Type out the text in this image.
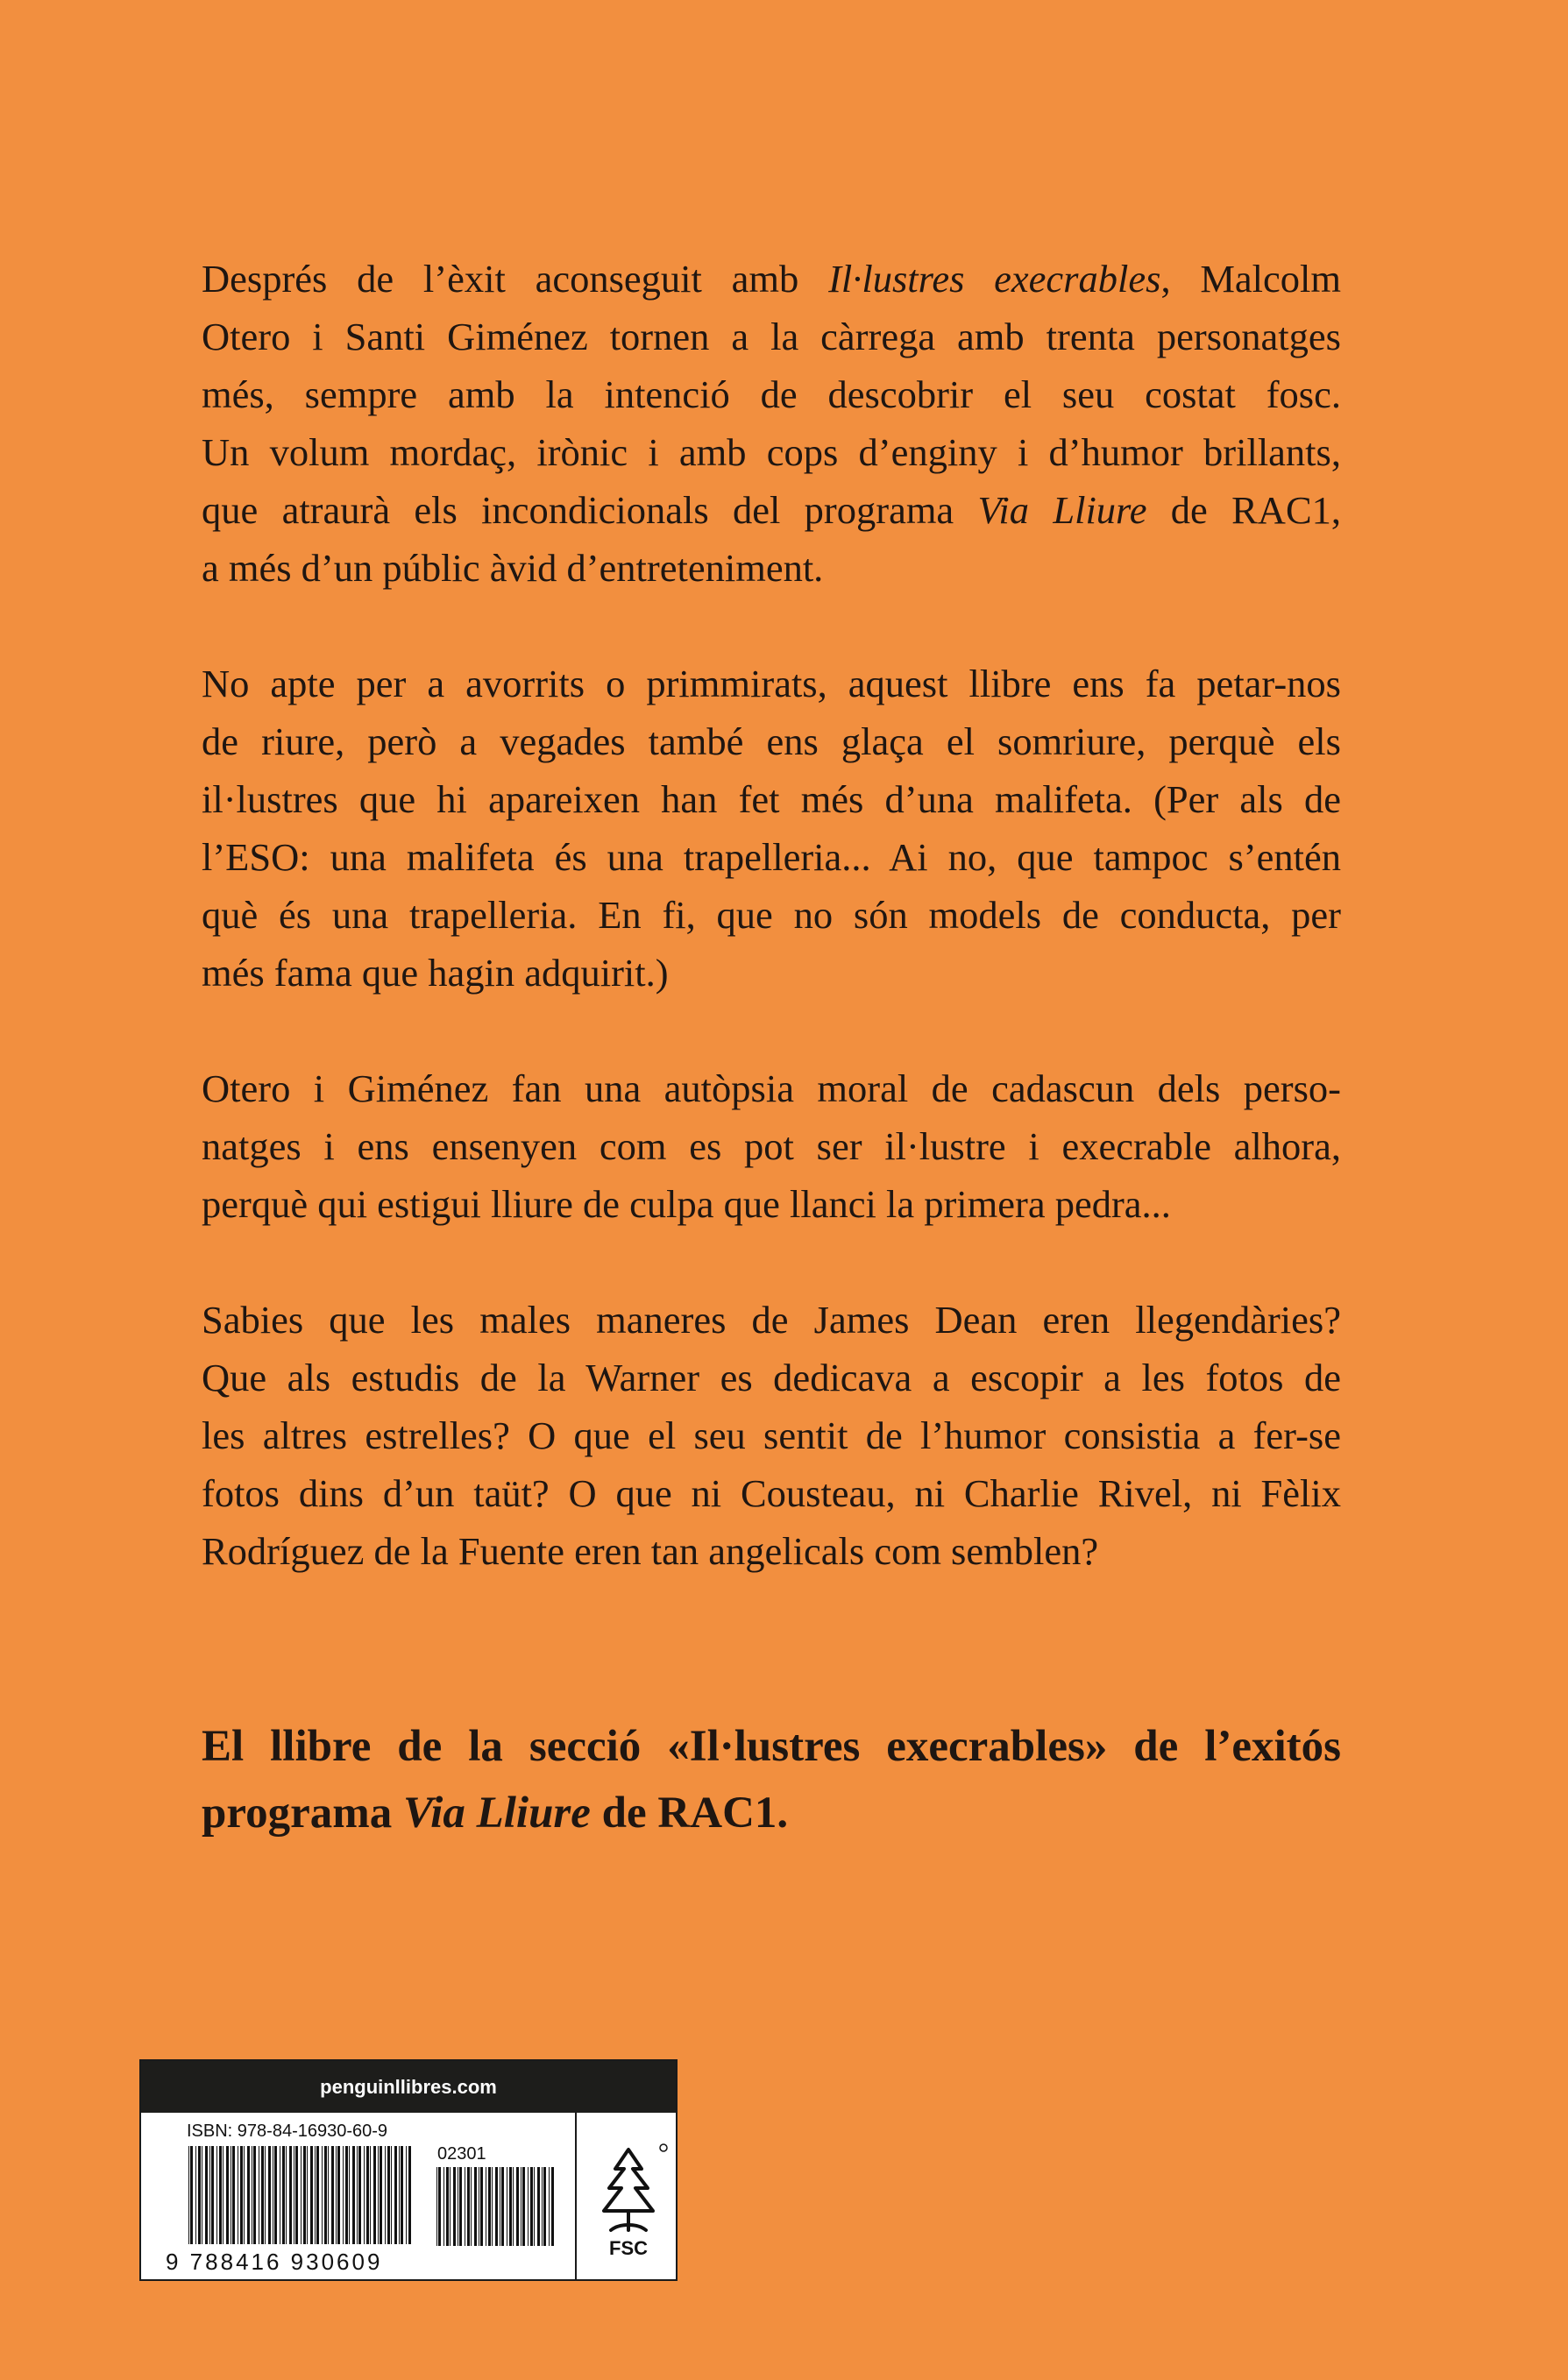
Després de l’èxit aconseguit amb Il·lustres execrables, Malcolm
Otero i Santi Giménez tornen a la càrrega amb trenta personatges
més, sempre amb la intenció de descobrir el seu costat fosc.
Un volum mordaç, irònic i amb cops d’enginy i d’humor brillants,
que atraurà els incondicionals del programa Via Lliure de RAC1,
a més d’un públic àvid d’entreteniment.

No apte per a avorrits o primmirats, aquest llibre ens fa petar-nos
de riure, però a vegades també ens glaça el somriure, perquè els
il·lustres que hi apareixen han fet més d’una malifeta. (Per als de
l’ESO: una malifeta és una trapelleria... Ai no, que tampoc s’entén
què és una trapelleria. En fi, que no són models de conducta, per
més fama que hagin adquirit.)

Otero i Giménez fan una autòpsia moral de cadascun dels perso-
natges i ens ensenyen com es pot ser il·lustre i execrable alhora,
perquè qui estigui lliure de culpa que llanci la primera pedra...

Sabies que les males maneres de James Dean eren llegendàries?
Que als estudis de la Warner es dedicava a escopir a les fotos de
les altres estrelles? O que el seu sentit de l’humor consistia a fer-se
fotos dins d’un taüt? O que ni Cousteau, ni Charlie Rivel, ni Fèlix
Rodríguez de la Fuente eren tan angelicals com semblen?

El llibre de la secció «Il·lustres execrables» de l’exitós
programa Via Lliure de RAC1.
penguinllibres.com
ISBN: 978-84-16930-60-9
9 788416 930609
02301
FSC
